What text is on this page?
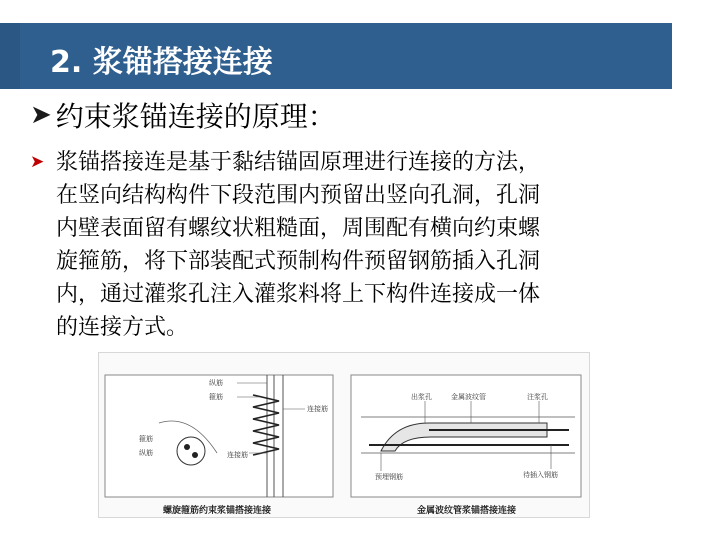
2. 浆锚搭接连接
➤ 约束浆锚连接的原理：
➤ 浆锚搭接连是基于黏结锚固原理进行连接的方法，
在竖向结构构件下段范围内预留出竖向孔洞，孔洞
内壁表面留有螺纹状粗糙面，周围配有横向约束螺
旋箍筋，将下部装配式预制构件预留钢筋插入孔洞
内，通过灌浆孔注入灌浆料将上下构件连接成一体
的连接方式。
纵筋
箍筋
连接筋
箍筋
纵筋	连接筋
出浆孔	金属波纹管	注浆孔
预埋钢筋	待插入钢筋
螺旋箍筋约束浆锚搭接连接	金属波纹管浆锚搭接连接
